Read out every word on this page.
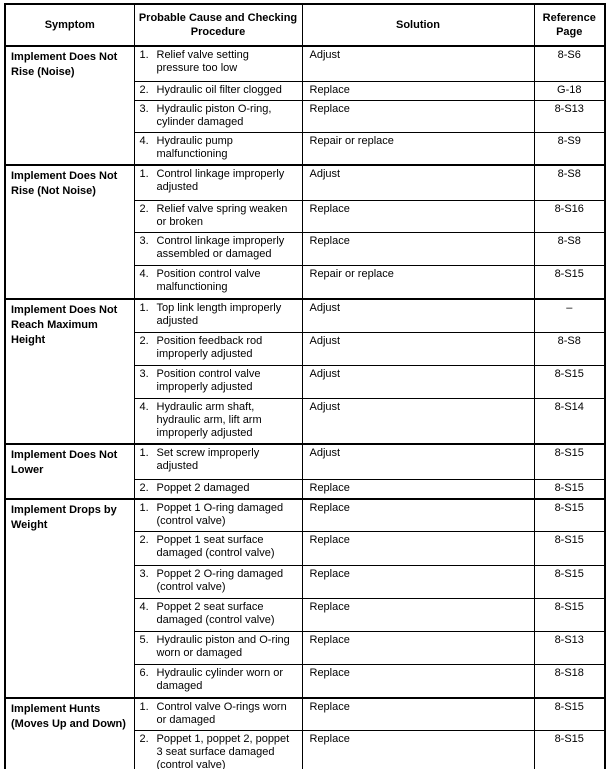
Symptom	Probable Cause and Checking Procedure	Solution	Reference Page
Implement Does Not Rise (Noise)	1. Relief valve setting pressure too low	Adjust	8-S6

	2. Hydraulic oil filter clogged	Replace	G-18

	3. Hydraulic piston O-ring, cylinder damaged	Replace	8-S13

	4. Hydraulic pump malfunctioning	Repair or replace	8-S9
Implement Does Not Rise (Not Noise)	1. Control linkage improperly adjusted	Adjust	8-S8

	2. Relief valve spring weaken or broken	Replace	8-S16

	3. Control linkage improperly assembled or damaged	Replace	8-S8

	4. Position control valve malfunctioning	Repair or replace	8-S15
Implement Does Not Reach Maximum Height	1. Top link length improperly adjusted	Adjust	–

	2. Position feedback rod improperly adjusted	Adjust	8-S8

	3. Position control valve improperly adjusted	Adjust	8-S15

	4. Hydraulic arm shaft, hydraulic arm, lift arm improperly adjusted	Adjust	8-S14
Implement Does Not Lower	1. Set screw improperly adjusted	Adjust	8-S15

	2. Poppet 2 damaged	Replace	8-S15
Implement Drops by Weight	1. Poppet 1 O-ring damaged (control valve)	Replace	8-S15

	2. Poppet 1 seat surface damaged (control valve)	Replace	8-S15

	3. Poppet 2 O-ring damaged (control valve)	Replace	8-S15

	4. Poppet 2 seat surface damaged (control valve)	Replace	8-S15

	5. Hydraulic piston and O-ring worn or damaged	Replace	8-S13

	6. Hydraulic cylinder worn or damaged	Replace	8-S18
Implement Hunts (Moves Up and Down)	1. Control valve O-rings worn or damaged	Replace	8-S15

	2. Poppet 1, poppet 2, poppet 3 seat surface damaged (control valve)	Replace	8-S15
